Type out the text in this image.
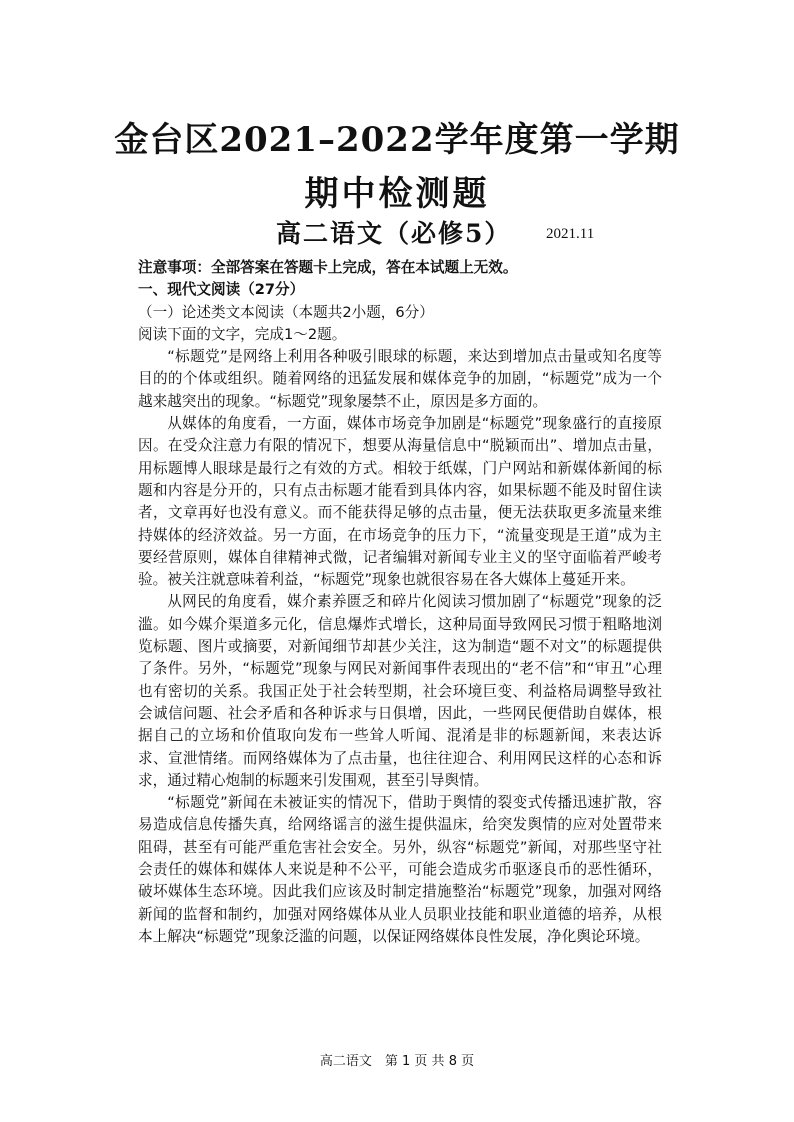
金台区2021–2022学年度第一学期
期中检测题
高二语文（必修5） 2021.11

注意事项：全部答案在答题卡上完成，答在本试题上无效。

一、现代文阅读（27分）

（一）论述类文本阅读（本题共2小题，6分）

阅读下面的文字，完成1～2题。

“标题党”是网络上利用各种吸引眼球的标题，来达到增加点击量或知名度等目的的个体或组织。随着网络的迅猛发展和媒体竞争的加剧，“标题党”成为一个越来越突出的现象。“标题党”现象屡禁不止，原因是多方面的。

从媒体的角度看，一方面，媒体市场竞争加剧是“标题党”现象盛行的直接原因。在受众注意力有限的情况下，想要从海量信息中“脱颖而出”、增加点击量，用标题博人眼球是最行之有效的方式。相较于纸媒，门户网站和新媒体新闻的标题和内容是分开的，只有点击标题才能看到具体内容，如果标题不能及时留住读者，文章再好也没有意义。而不能获得足够的点击量，便无法获取更多流量来维持媒体的经济效益。另一方面，在市场竞争的压力下，“流量变现是王道”成为主要经营原则，媒体自律精神式微，记者编辑对新闻专业主义的坚守面临着严峻考验。被关注就意味着利益，“标题党”现象也就很容易在各大媒体上蔓延开来。

从网民的角度看，媒介素养匮乏和碎片化阅读习惯加剧了“标题党”现象的泛滥。如今媒介渠道多元化，信息爆炸式增长，这种局面导致网民习惯于粗略地浏览标题、图片或摘要，对新闻细节却甚少关注，这为制造“题不对文”的标题提供了条件。另外，“标题党”现象与网民对新闻事件表现出的“老不信”和“审丑”心理也有密切的关系。我国正处于社会转型期，社会环境巨变、利益格局调整导致社会诚信问题、社会矛盾和各种诉求与日俱增，因此，一些网民便借助自媒体，根据自己的立场和价值取向发布一些耸人听闻、混淆是非的标题新闻，来表达诉求、宣泄情绪。而网络媒体为了点击量，也往往迎合、利用网民这样的心态和诉求，通过精心炮制的标题来引发围观，甚至引导舆情。

“标题党”新闻在未被证实的情况下，借助于舆情的裂变式传播迅速扩散，容易造成信息传播失真，给网络谣言的滋生提供温床，给突发舆情的应对处置带来阻碍，甚至有可能严重危害社会安全。另外，纵容“标题党”新闻，对那些坚守社会责任的媒体和媒体人来说是种不公平，可能会造成劣币驱逐良币的恶性循环，破坏媒体生态环境。因此我们应该及时制定措施整治“标题党”现象，加强对网络新闻的监督和制约，加强对网络媒体从业人员职业技能和职业道德的培养，从根本上解决“标题党”现象泛滥的问题，以保证网络媒体良性发展，净化舆论环境。

高二语文　第 1 页 共 8 页
